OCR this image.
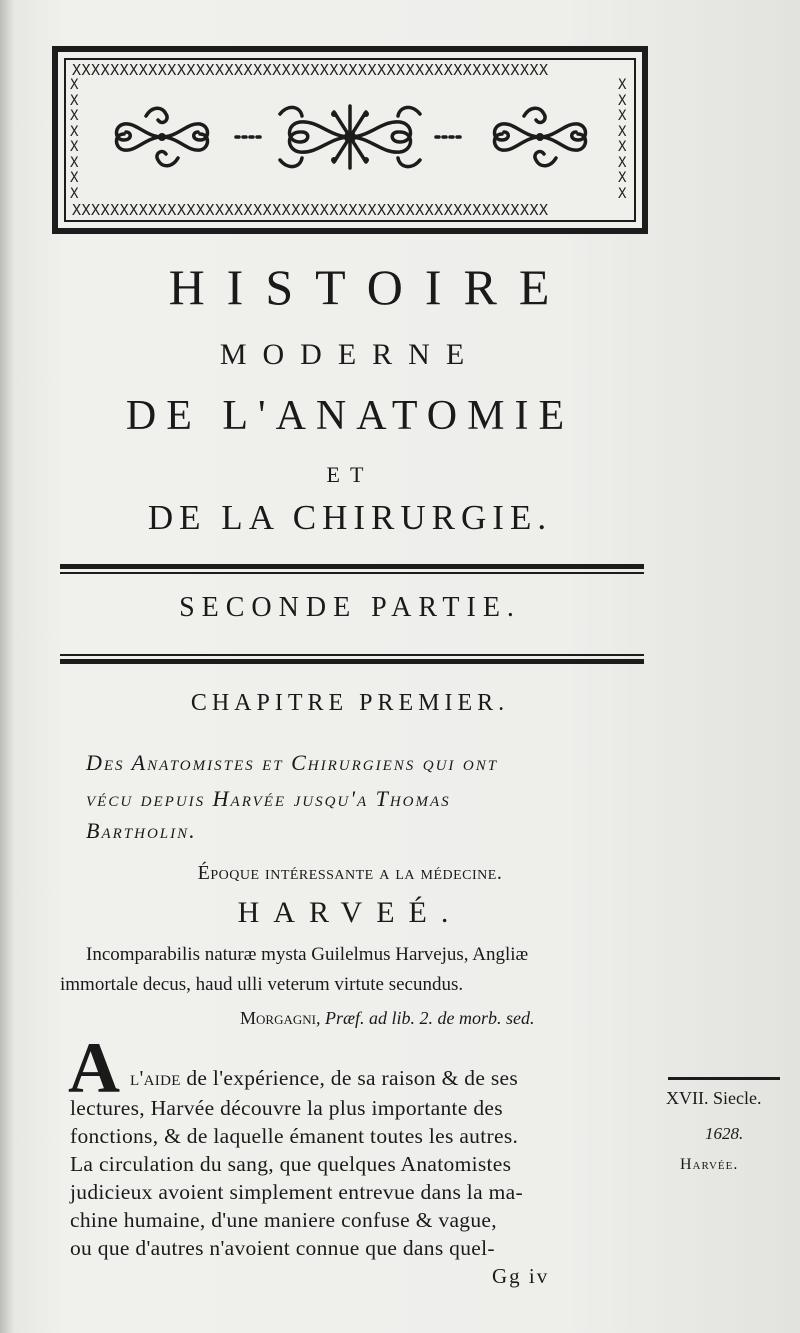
XXXXXXXXXXXXXXXXXXXXXXXXXXXXXXXXXXXXXXXXXXXXXXXXXX
XXXXXXXXXXXXXXXXXXXXXXXXXXXXXXXXXXXXXXXXXXXXXXXXXX
XXXXXXXX
XXXXXXXX
HISTOIRE
MODERNE
DE L'ANATOMIE
ET
DE LA CHIRURGIE.
SECONDE PARTIE.
CHAPITRE PREMIER.
Des Anatomistes et Chirurgiens qui ont
vécu depuis Harvée jusqu'a Thomas
Bartholin.
Époque intéressante a la médecine.
HARVEÉ.
Incomparabilis naturæ mysta Guilelmus Harvejus, Angliæ
immortale decus, haud ulli veterum virtute secundus.
Morgagni, Præf. ad lib. 2. de morb. sed.
A l'aide de l'expérience, de sa raison & de ses
lectures, Harvée découvre la plus importante des
fonctions, & de laquelle émanent toutes les autres.
La circulation du sang, que quelques Anatomistes
judicieux avoient simplement entrevue dans la ma-
chine humaine, d'une maniere confuse & vague,
ou que d'autres n'avoient connue que dans quel-
Gg iv
XVII. Siecle.
1628.
Harvée.
